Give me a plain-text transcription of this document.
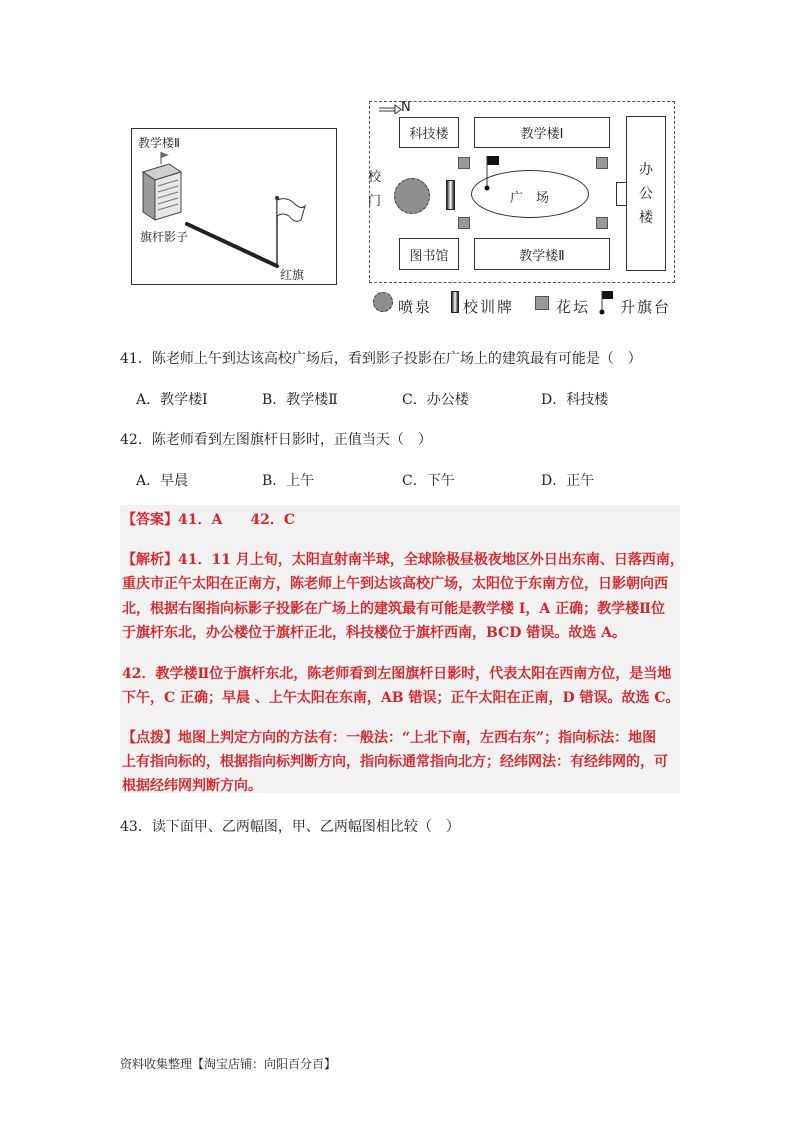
教学楼Ⅱ
旗杆影子
红旗
N
科技楼	教学楼Ⅰ
图书馆	教学楼Ⅱ
办
公
楼
校
门	广　场
喷泉 校训牌	花坛 升旗台
41．陈老师上午到达该高校广场后，看到影子投影在广场上的建筑最有可能是（　）
A．教学楼Ⅰ	B．教学楼Ⅱ	C．办公楼	D．科技楼
42．陈老师看到左图旗杆日影时，正值当天（　）
A．早晨	B．上午	C．下午	D．正午
【答案】41．A　　42．C
【解析】41．11 月上旬，太阳直射南半球，全球除极昼极夜地区外日出东南、日落西南，
重庆市正午太阳在正南方，陈老师上午到达该高校广场，太阳位于东南方位，日影朝向西
北，根据右图指向标影子投影在广场上的建筑最有可能是教学楼 I，A 正确；教学楼Ⅱ位
于旗杆东北，办公楼位于旗杆正北，科技楼位于旗杆西南，BCD 错误。故选 A。
42．教学楼Ⅱ位于旗杆东北，陈老师看到左图旗杆日影时，代表太阳在西南方位，是当地
下午，C 正确；早晨 、上午太阳在东南，AB 错误；正午太阳在正南，D 错误。故选 C。
【点拨】地图上判定方向的方法有：一般法：“上北下南，左西右东”；指向标法：地图
上有指向标的，根据指向标判断方向，指向标通常指向北方；经纬网法：有经纬网的，可
根据经纬网判断方向。
43．读下面甲、乙两幅图，甲、乙两幅图相比较（　）
资料收集整理【淘宝店铺：向阳百分百】
